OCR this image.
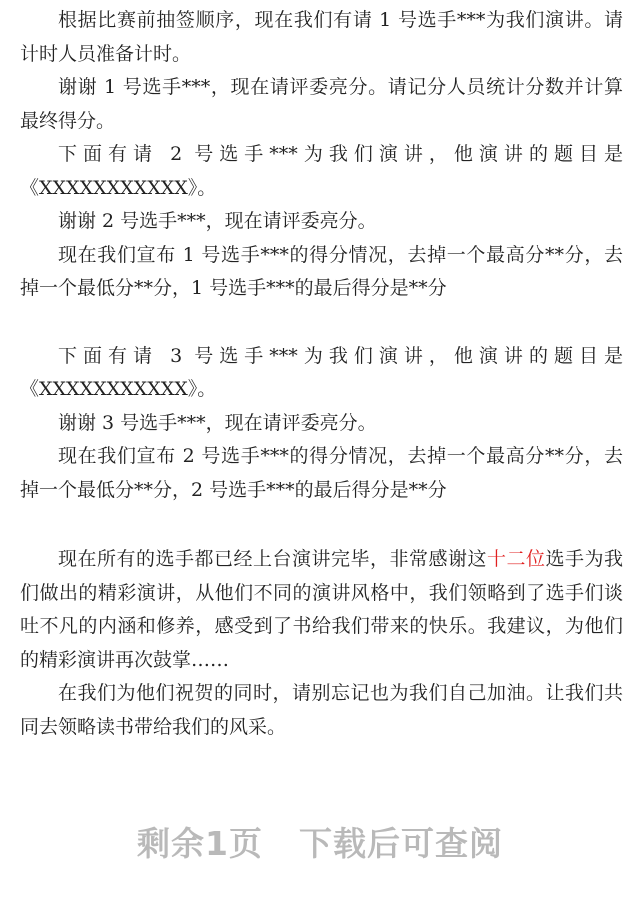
根据比赛前抽签顺序，现在我们有请 1 号选手***为我们演讲。请计时人员准备计时。

谢谢 1 号选手***，现在请评委亮分。请记分人员统计分数并计算最终得分。

下面有请 2 号选手***为我们演讲，他演讲的题目是《XXXXXXXXXXX》。

谢谢 2 号选手***，现在请评委亮分。

现在我们宣布 1 号选手***的得分情况，去掉一个最高分**分，去掉一个最低分**分，1 号选手***的最后得分是**分

下面有请 3 号选手***为我们演讲，他演讲的题目是《XXXXXXXXXXX》。

谢谢 3 号选手***，现在请评委亮分。

现在我们宣布 2 号选手***的得分情况，去掉一个最高分**分，去掉一个最低分**分，2 号选手***的最后得分是**分

现在所有的选手都已经上台演讲完毕，非常感谢这十二位选手为我们做出的精彩演讲，从他们不同的演讲风格中，我们领略到了选手们谈吐不凡的内涵和修养，感受到了书给我们带来的快乐。我建议，为他们的精彩演讲再次鼓掌……

在我们为他们祝贺的同时，请别忘记也为我们自己加油。让我们共同去领略读书带给我们的风采。

剩余1页 下载后可查阅
